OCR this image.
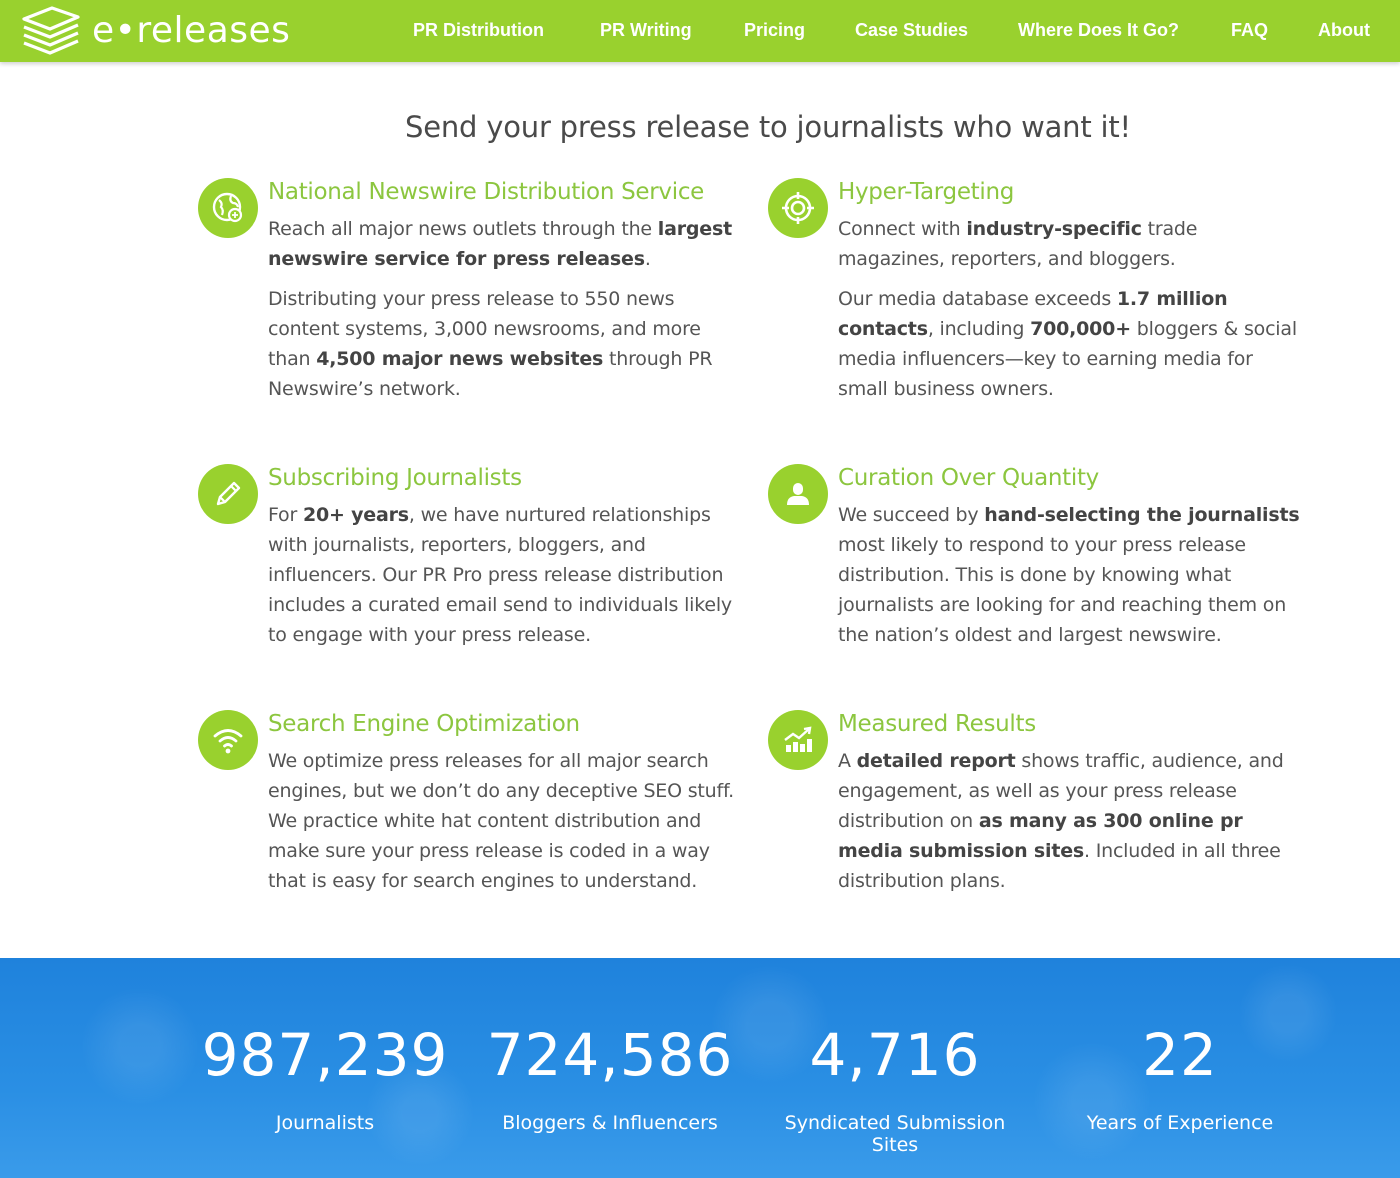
e•releases	PR Distribution	PR Writing	Pricing	Case Studies	Where Does It Go?	FAQ	About
Send your press release to journalists who want it!
National Newswire Distribution Service

Reach all major news outlets through the largest newswire service for press releases.

Distributing your press release to 550 news content systems, 3,000 newsrooms, and more than 4,500 major news websites through PR Newswire’s network.

Hyper-Targeting

Connect with industry-specific trade magazines, reporters, and bloggers.

Our media database exceeds 1.7 million contacts, including 700,000+ bloggers & social media influencers—key to earning media for small business owners.

Subscribing Journalists

For 20+ years, we have nurtured relationships with journalists, reporters, bloggers, and influencers. Our PR Pro press release distribution includes a curated email send to individuals likely to engage with your press release.

Curation Over Quantity

We succeed by hand-selecting the journalists most likely to respond to your press release distribution. This is done by knowing what journalists are looking for and reaching them on the nation’s oldest and largest newswire.

Search Engine Optimization

We optimize press releases for all major search engines, but we don’t do any deceptive SEO stuff. We practice white hat content distribution and make sure your press release is coded in a way that is easy for search engines to understand.

Measured Results

A detailed report shows traffic, audience, and engagement, as well as your press release distribution on as many as 300 online pr media submission sites. Included in all three distribution plans.

987,239
Journalists
724,586
Bloggers & Influencers
4,716
Syndicated Submission Sites
22
Years of Experience
